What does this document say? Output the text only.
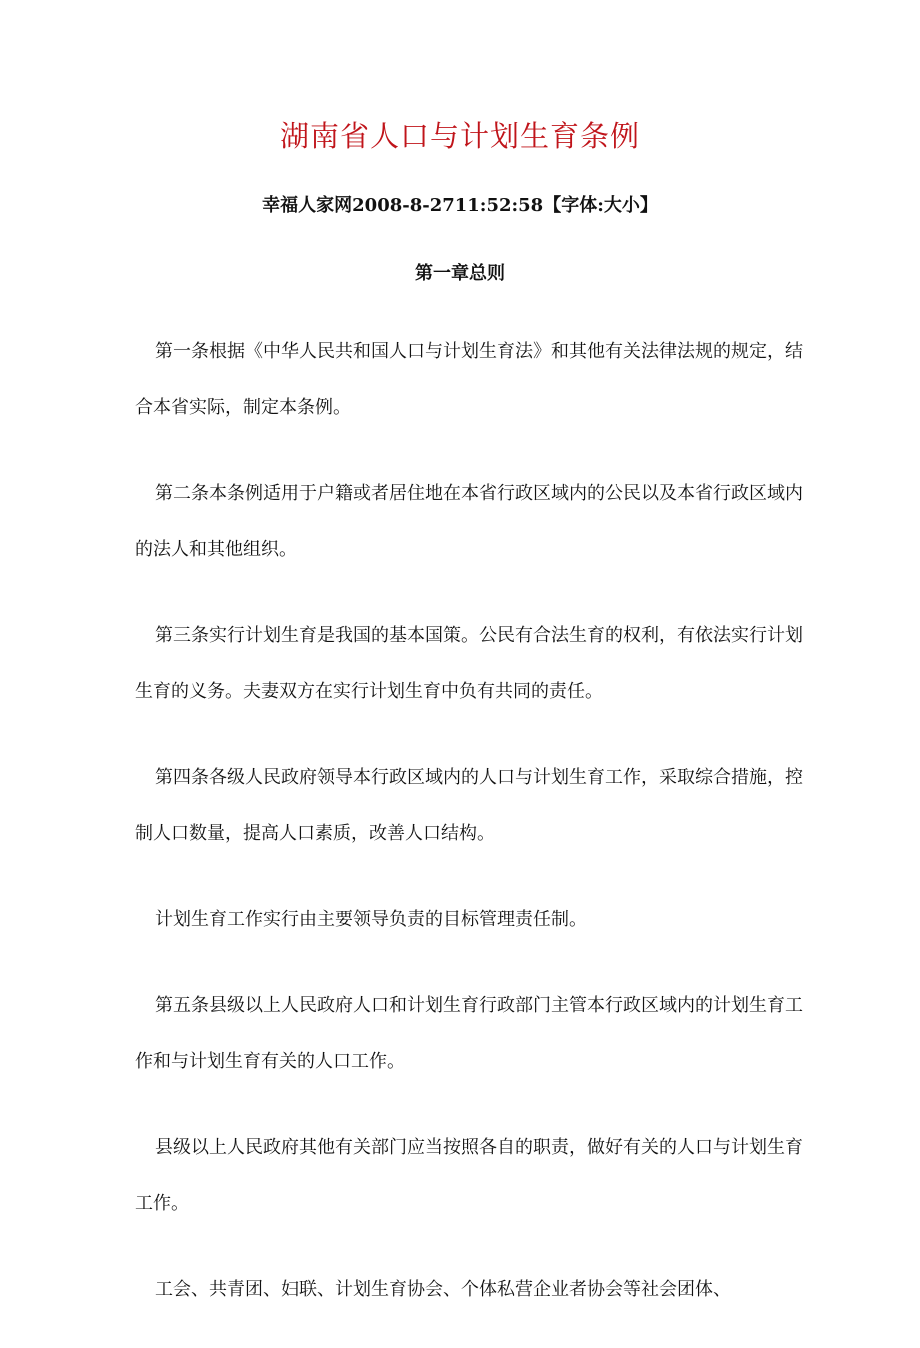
湖南省人口与计划生育条例
幸福人家网2008-8-2711:52:58【字体:大小】
第一章总则

第一条根据《中华人民共和国人口与计划生育法》和其他有关法律法规的规定，结合本省实际，制定本条例。

第二条本条例适用于户籍或者居住地在本省行政区域内的公民以及本省行政区域内的法人和其他组织。

第三条实行计划生育是我国的基本国策。公民有合法生育的权利，有依法实行计划生育的义务。夫妻双方在实行计划生育中负有共同的责任。

第四条各级人民政府领导本行政区域内的人口与计划生育工作，采取综合措施，控制人口数量，提高人口素质，改善人口结构。

计划生育工作实行由主要领导负责的目标管理责任制。

第五条县级以上人民政府人口和计划生育行政部门主管本行政区域内的计划生育工作和与计划生育有关的人口工作。

县级以上人民政府其他有关部门应当按照各自的职责，做好有关的人口与计划生育工作。

工会、共青团、妇联、计划生育协会、个体私营企业者协会等社会团体、
